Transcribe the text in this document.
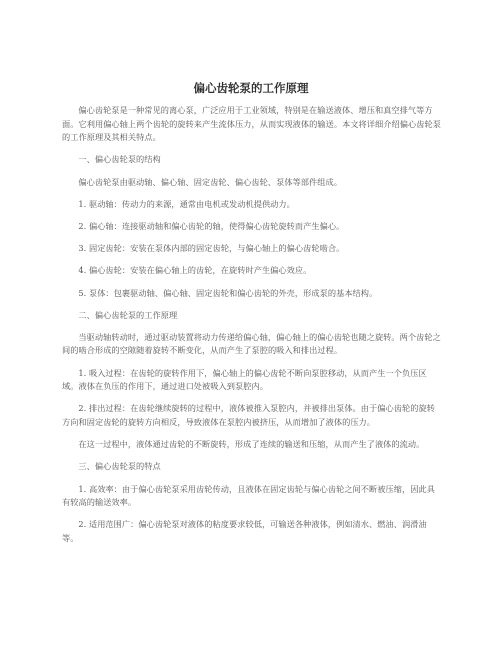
偏心齿轮泵的工作原理

偏心齿轮泵是一种常见的离心泵，广泛应用于工业领域，特别是在输送液体、增压和真空排气等方面。它利用偏心轴上两个齿轮的旋转来产生流体压力，从而实现液体的输送。本文将详细介绍偏心齿轮泵的工作原理及其相关特点。

一、偏心齿轮泵的结构

偏心齿轮泵由驱动轴、偏心轴、固定齿轮、偏心齿轮、泵体等部件组成。

1. 驱动轴：传动力的来源，通常由电机或发动机提供动力。

2. 偏心轴：连接驱动轴和偏心齿轮的轴，使得偏心齿轮旋转而产生偏心。

3. 固定齿轮：安装在泵体内部的固定齿轮，与偏心轴上的偏心齿轮啮合。

4. 偏心齿轮：安装在偏心轴上的齿轮，在旋转时产生偏心效应。

5. 泵体：包裹驱动轴、偏心轴、固定齿轮和偏心齿轮的外壳，形成泵的基本结构。

二、偏心齿轮泵的工作原理

当驱动轴转动时，通过驱动装置将动力传递给偏心轴，偏心轴上的偏心齿轮也随之旋转。两个齿轮之间的啮合形成的空隙随着旋转不断变化，从而产生了泵腔的吸入和排出过程。

1. 吸入过程：在齿轮的旋转作用下，偏心轴上的偏心齿轮不断向泵腔移动，从而产生一个负压区域。液体在负压的作用下，通过进口处被吸入到泵腔内。

2. 排出过程：在齿轮继续旋转的过程中，液体被推入泵腔内，并被排出泵体。由于偏心齿轮的旋转方向和固定齿轮的旋转方向相反，导致液体在泵腔内被挤压，从而增加了液体的压力。

在这一过程中，液体通过齿轮的不断旋转，形成了连续的输送和压缩，从而产生了液体的流动。

三、偏心齿轮泵的特点

1. 高效率：由于偏心齿轮泵采用齿轮传动，且液体在固定齿轮与偏心齿轮之间不断被压缩，因此具有较高的输送效率。

2. 适用范围广：偏心齿轮泵对液体的粘度要求较低，可输送各种液体，例如清水、燃油、润滑油等。
